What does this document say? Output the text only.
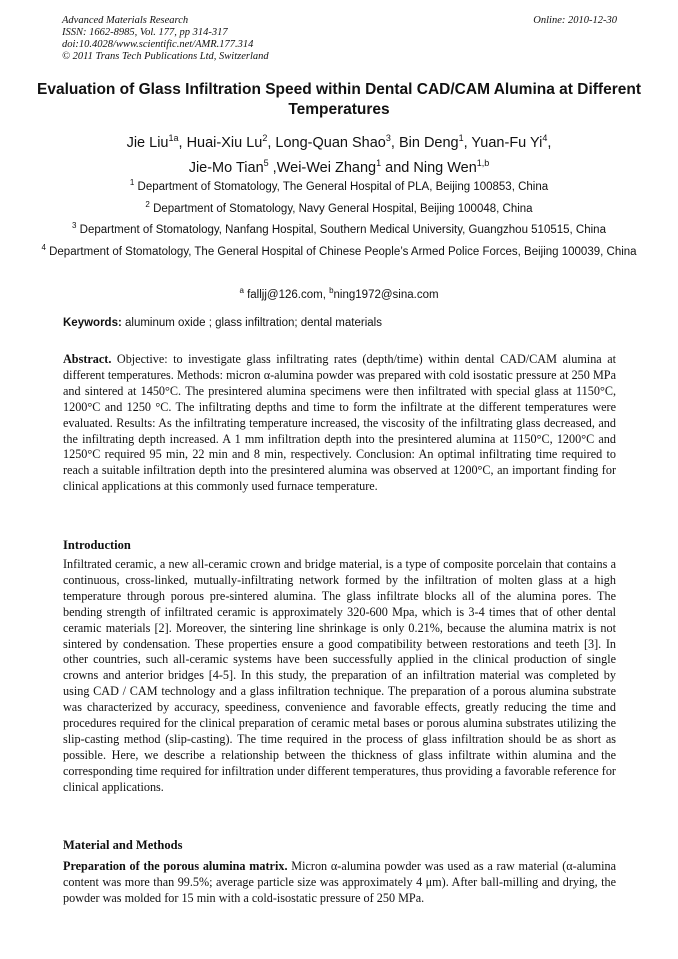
Advanced Materials Research
ISSN: 1662-8985, Vol. 177, pp 314-317
doi:10.4028/www.scientific.net/AMR.177.314
© 2011 Trans Tech Publications Ltd, Switzerland
Online: 2010-12-30
Evaluation of Glass Infiltration Speed within Dental CAD/CAM Alumina at Different Temperatures
Jie Liu$^{1a}$, Huai-Xiu Lu$^2$, Long-Quan Shao$^3$, Bin Deng$^1$, Yuan-Fu Yi$^4$,
Jie-Mo Tian$^5$ ,Wei-Wei Zhang$^1$ and Ning Wen$^{1,b}$
$^1$ Department of Stomatology, The General Hospital of PLA, Beijing 100853, China
$^2$ Department of Stomatology, Navy General Hospital, Beijing 100048, China
$^3$ Department of Stomatology, Nanfang Hospital, Southern Medical University, Guangzhou 510515, China
$^4$ Department of Stomatology, The General Hospital of Chinese People’s Armed Police Forces, Beijing 100039, China
$^a$ falljj@126.com, $^b$ning1972@sina.com
Keywords: aluminum oxide ; glass infiltration; dental materials
Abstract. Objective: to investigate glass infiltrating rates (depth/time) within dental CAD/CAM alumina at different temperatures. Methods: micron α-alumina powder was prepared with cold isostatic pressure at 250 MPa and sintered at 1450°C. The presintered alumina specimens were then infiltrated with special glass at 1150°C, 1200°C and 1250 °C. The infiltrating depths and time to form the infiltrate at the different temperatures were evaluated. Results: As the infiltrating temperature increased, the viscosity of the infiltrating glass decreased, and the infiltrating depth increased. A 1 mm infiltration depth into the presintered alumina at 1150°C, 1200°C and 1250°C required 95 min, 22 min and 8 min, respectively. Conclusion: An optimal infiltrating time required to reach a suitable infiltration depth into the presintered alumina was observed at 1200°C, an important finding for clinical applications at this commonly used furnace temperature.
Introduction
Infiltrated ceramic, a new all-ceramic crown and bridge material, is a type of composite porcelain that contains a continuous, cross-linked, mutually-infiltrating network formed by the infiltration of molten glass at a high temperature through porous pre-sintered alumina. The glass infiltrate blocks all of the alumina pores. The bending strength of infiltrated ceramic is approximately 320-600 Mpa, which is 3-4 times that of other dental ceramic materials [2]. Moreover, the sintering line shrinkage is only 0.21%, because the alumina matrix is not sintered by condensation. These properties ensure a good compatibility between restorations and teeth [3]. In other countries, such all-ceramic systems have been successfully applied in the clinical production of single crowns and anterior bridges [4-5]. In this study, the preparation of an infiltration material was completed by using CAD / CAM technology and a glass infiltration technique. The preparation of a porous alumina substrate was characterized by accuracy, speediness, convenience and favorable effects, greatly reducing the time and procedures required for the clinical preparation of ceramic metal bases or porous alumina substrates utilizing the slip-casting method (slip-casting). The time required in the process of glass infiltration should be as short as possible. Here, we describe a relationship between the thickness of glass infiltrate within alumina and the corresponding time required for infiltration under different temperatures, thus providing a favorable reference for clinical applications.
Material and Methods
Preparation of the porous alumina matrix. Micron α-alumina powder was used as a raw material (α-alumina content was more than 99.5%; average particle size was approximately 4 μm). After ball-milling and drying, the powder was molded for 15 min with a cold-isostatic pressure of 250 MPa.
